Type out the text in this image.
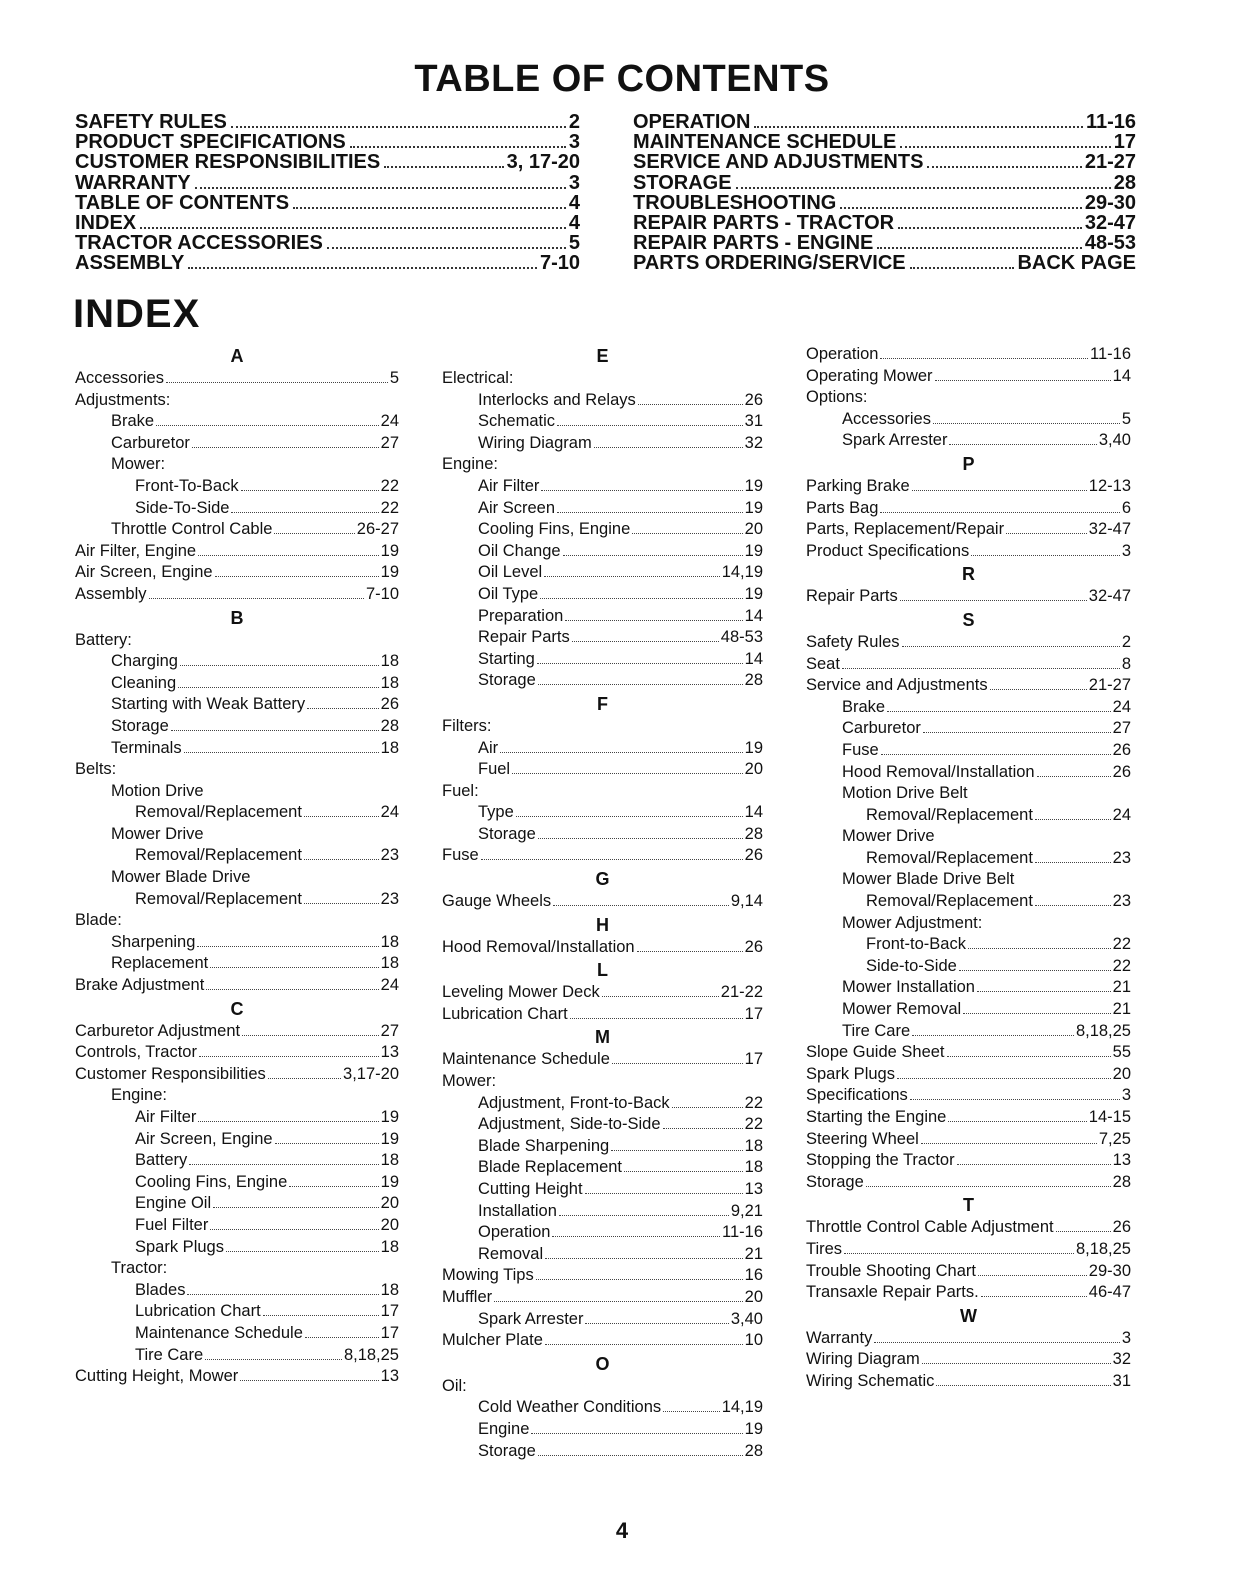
TABLE OF CONTENTS
SAFETY RULES	2
PRODUCT SPECIFICATIONS	3
CUSTOMER RESPONSIBILITIES	3, 17-20
WARRANTY	3
TABLE OF CONTENTS	4
INDEX	4
TRACTOR ACCESSORIES	5
ASSEMBLY	7-10
OPERATION	11-16
MAINTENANCE SCHEDULE	17
SERVICE AND ADJUSTMENTS	21-27
STORAGE	28
TROUBLESHOOTING	29-30
REPAIR PARTS - TRACTOR	32-47
REPAIR PARTS - ENGINE	48-53
PARTS ORDERING/SERVICE	BACK PAGE
INDEX
A
Accessories	5
Adjustments:
Brake	24
Carburetor	27
Mower:
Front-To-Back	22
Side-To-Side	22
Throttle Control Cable	26-27
Air Filter, Engine	19
Air Screen, Engine	19
Assembly	7-10
B
Battery:
Charging	18
Cleaning	18
Starting with Weak Battery	26
Storage	28
Terminals	18
Belts:
Motion Drive
Removal/Replacement	24
Mower Drive
Removal/Replacement	23
Mower Blade Drive
Removal/Replacement	23
Blade:
Sharpening	18
Replacement	18
Brake Adjustment	24
C
Carburetor Adjustment	27
Controls, Tractor	13
Customer Responsibilities	3,17-20
Engine:
Air Filter	19
Air Screen, Engine	19
Battery	18
Cooling Fins, Engine	19
Engine Oil	20
Fuel Filter	20
Spark Plugs	18
Tractor:
Blades	18
Lubrication Chart	17
Maintenance Schedule	17
Tire Care	8,18,25
Cutting Height, Mower	13
E
Electrical:
Interlocks and Relays	26
Schematic	31
Wiring Diagram	32
Engine:
Air Filter	19
Air Screen	19
Cooling Fins, Engine	20
Oil Change	19
Oil Level	14,19
Oil Type	19
Preparation	14
Repair Parts	48-53
Starting	14
Storage	28
F
Filters:
Air	19
Fuel	20
Fuel:
Type	14
Storage	28
Fuse	26
G
Gauge Wheels	9,14
H
Hood Removal/Installation	26
L
Leveling Mower Deck	21-22
Lubrication Chart	17
M
Maintenance Schedule	17
Mower:
Adjustment, Front-to-Back	22
Adjustment, Side-to-Side	22
Blade Sharpening	18
Blade Replacement	18
Cutting Height	13
Installation	9,21
Operation	11-16
Removal	21
Mowing Tips	16
Muffler	20
Spark Arrester	3,40
Mulcher Plate	10
O
Oil:
Cold Weather Conditions	14,19
Engine	19
Storage	28
Operation	11-16
Operating Mower	14
Options:
Accessories	5
Spark Arrester	3,40
P
Parking Brake	12-13
Parts Bag	6
Parts, Replacement/Repair	32-47
Product Specifications	3
R
Repair Parts	32-47
S
Safety Rules	2
Seat	8
Service and Adjustments	21-27
Brake	24
Carburetor	27
Fuse	26
Hood Removal/Installation	26
Motion Drive Belt
Removal/Replacement	24
Mower Drive
Removal/Replacement	23
Mower Blade Drive Belt
Removal/Replacement	23
Mower Adjustment:
Front-to-Back	22
Side-to-Side	22
Mower Installation	21
Mower Removal	21
Tire Care	8,18,25
Slope Guide Sheet	55
Spark Plugs	20
Specifications	3
Starting the Engine	14-15
Steering Wheel	7,25
Stopping the Tractor	13
Storage	28
T
Throttle Control Cable Adjustment	26
Tires	8,18,25
Trouble Shooting Chart	29-30
Transaxle Repair Parts.	46-47
W
Warranty	3
Wiring Diagram	32
Wiring Schematic	31
4
